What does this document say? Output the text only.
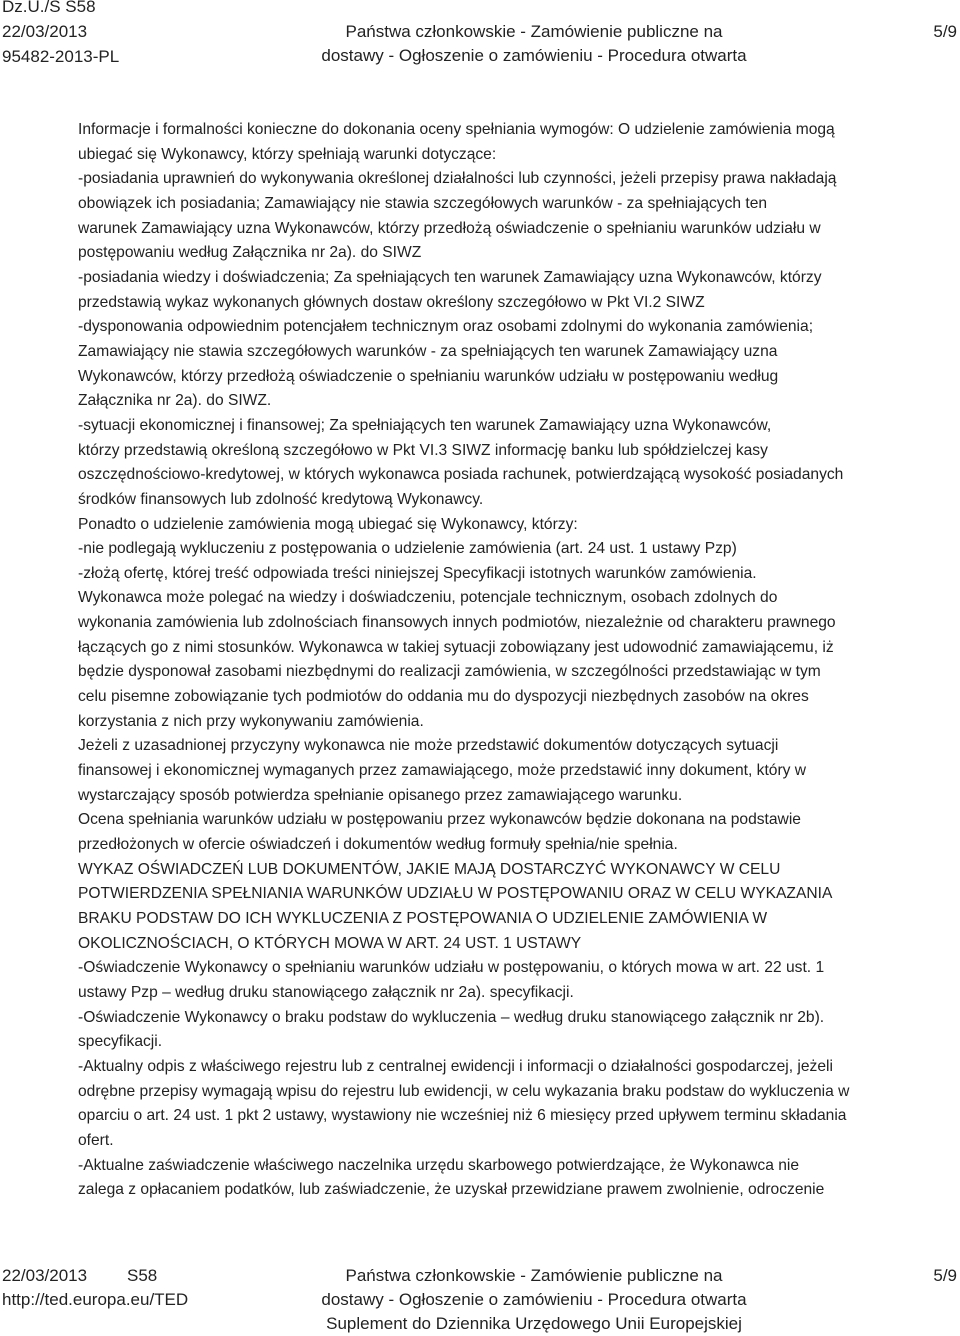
Dz.U./S S58
22/03/2013
95482-2013-PL
Państwa członkowskie - Zamówienie publiczne na
dostawy - Ogłoszenie o zamówieniu - Procedura otwarta
5/9

Informacje i formalności konieczne do dokonania oceny spełniania wymogów: O udzielenie zamówienia mogą

ubiegać się Wykonawcy, którzy spełniają warunki dotyczące:

-posiadania uprawnień do wykonywania określonej działalności lub czynności, jeżeli przepisy prawa nakładają

obowiązek ich posiadania; Zamawiający nie stawia szczegółowych warunków - za spełniających ten

warunek Zamawiający uzna Wykonawców, którzy przedłożą oświadczenie o spełnianiu warunków udziału w

postępowaniu według Załącznika nr 2a). do SIWZ

-posiadania wiedzy i doświadczenia; Za spełniających ten warunek Zamawiający uzna Wykonawców, którzy

przedstawią wykaz wykonanych głównych dostaw określony szczegółowo w Pkt VI.2 SIWZ

-dysponowania odpowiednim potencjałem technicznym oraz osobami zdolnymi do wykonania zamówienia;

Zamawiający nie stawia szczegółowych warunków - za spełniających ten warunek Zamawiający uzna

Wykonawców, którzy przedłożą oświadczenie o spełnianiu warunków udziału w postępowaniu według

Załącznika nr 2a). do SIWZ.

-sytuacji ekonomicznej i finansowej; Za spełniających ten warunek Zamawiający uzna Wykonawców,

którzy przedstawią określoną szczegółowo w Pkt VI.3 SIWZ informację banku lub spółdzielczej kasy

oszczędnościowo-kredytowej, w których wykonawca posiada rachunek, potwierdzającą wysokość posiadanych

środków finansowych lub zdolność kredytową Wykonawcy.

Ponadto o udzielenie zamówienia mogą ubiegać się Wykonawcy, którzy:

-nie podlegają wykluczeniu z postępowania o udzielenie zamówienia (art. 24 ust. 1 ustawy Pzp)

-złożą ofertę, której treść odpowiada treści niniejszej Specyfikacji istotnych warunków zamówienia.

Wykonawca może polegać na wiedzy i doświadczeniu, potencjale technicznym, osobach zdolnych do

wykonania zamówienia lub zdolnościach finansowych innych podmiotów, niezależnie od charakteru prawnego

łączących go z nimi stosunków. Wykonawca w takiej sytuacji zobowiązany jest udowodnić zamawiającemu, iż

będzie dysponował zasobami niezbędnymi do realizacji zamówienia, w szczególności przedstawiając w tym

celu pisemne zobowiązanie tych podmiotów do oddania mu do dyspozycji niezbędnych zasobów na okres

korzystania z nich przy wykonywaniu zamówienia.

Jeżeli z uzasadnionej przyczyny wykonawca nie może przedstawić dokumentów dotyczących sytuacji

finansowej i ekonomicznej wymaganych przez zamawiającego, może przedstawić inny dokument, który w

wystarczający sposób potwierdza spełnianie opisanego przez zamawiającego warunku.

Ocena spełniania warunków udziału w postępowaniu przez wykonawców będzie dokonana na podstawie

przedłożonych w ofercie oświadczeń i dokumentów według formuły spełnia/nie spełnia.

WYKAZ OŚWIADCZEŃ LUB DOKUMENTÓW, JAKIE MAJĄ DOSTARCZYĆ WYKONAWCY W CELU

POTWIERDZENIA SPEŁNIANIA WARUNKÓW UDZIAŁU W POSTĘPOWANIU ORAZ W CELU WYKAZANIA

BRAKU PODSTAW DO ICH WYKLUCZENIA Z POSTĘPOWANIA O UDZIELENIE ZAMÓWIENIA W

OKOLICZNOŚCIACH, O KTÓRYCH MOWA W ART. 24 UST. 1 USTAWY

-Oświadczenie Wykonawcy o spełnianiu warunków udziału w postępowaniu, o których mowa w art. 22 ust. 1

ustawy Pzp – według druku stanowiącego załącznik nr 2a). specyfikacji.

-Oświadczenie Wykonawcy o braku podstaw do wykluczenia – według druku stanowiącego załącznik nr 2b).

specyfikacji.

-Aktualny odpis z właściwego rejestru lub z centralnej ewidencji i informacji o działalności gospodarczej, jeżeli

odrębne przepisy wymagają wpisu do rejestru lub ewidencji, w celu wykazania braku podstaw do wykluczenia w

oparciu o art. 24 ust. 1 pkt 2 ustawy, wystawiony nie wcześniej niż 6 miesięcy przed upływem terminu składania

ofert.

-Aktualne zaświadczenie właściwego naczelnika urzędu skarbowego potwierdzające, że Wykonawca nie

zalega z opłacaniem podatków, lub zaświadczenie, że uzyskał przewidziane prawem zwolnienie, odroczenie

22/03/2013 S58
http://ted.europa.eu/TED
Państwa członkowskie - Zamówienie publiczne na
dostawy - Ogłoszenie o zamówieniu - Procedura otwarta
Suplement do Dziennika Urzędowego Unii Europejskiej
5/9
